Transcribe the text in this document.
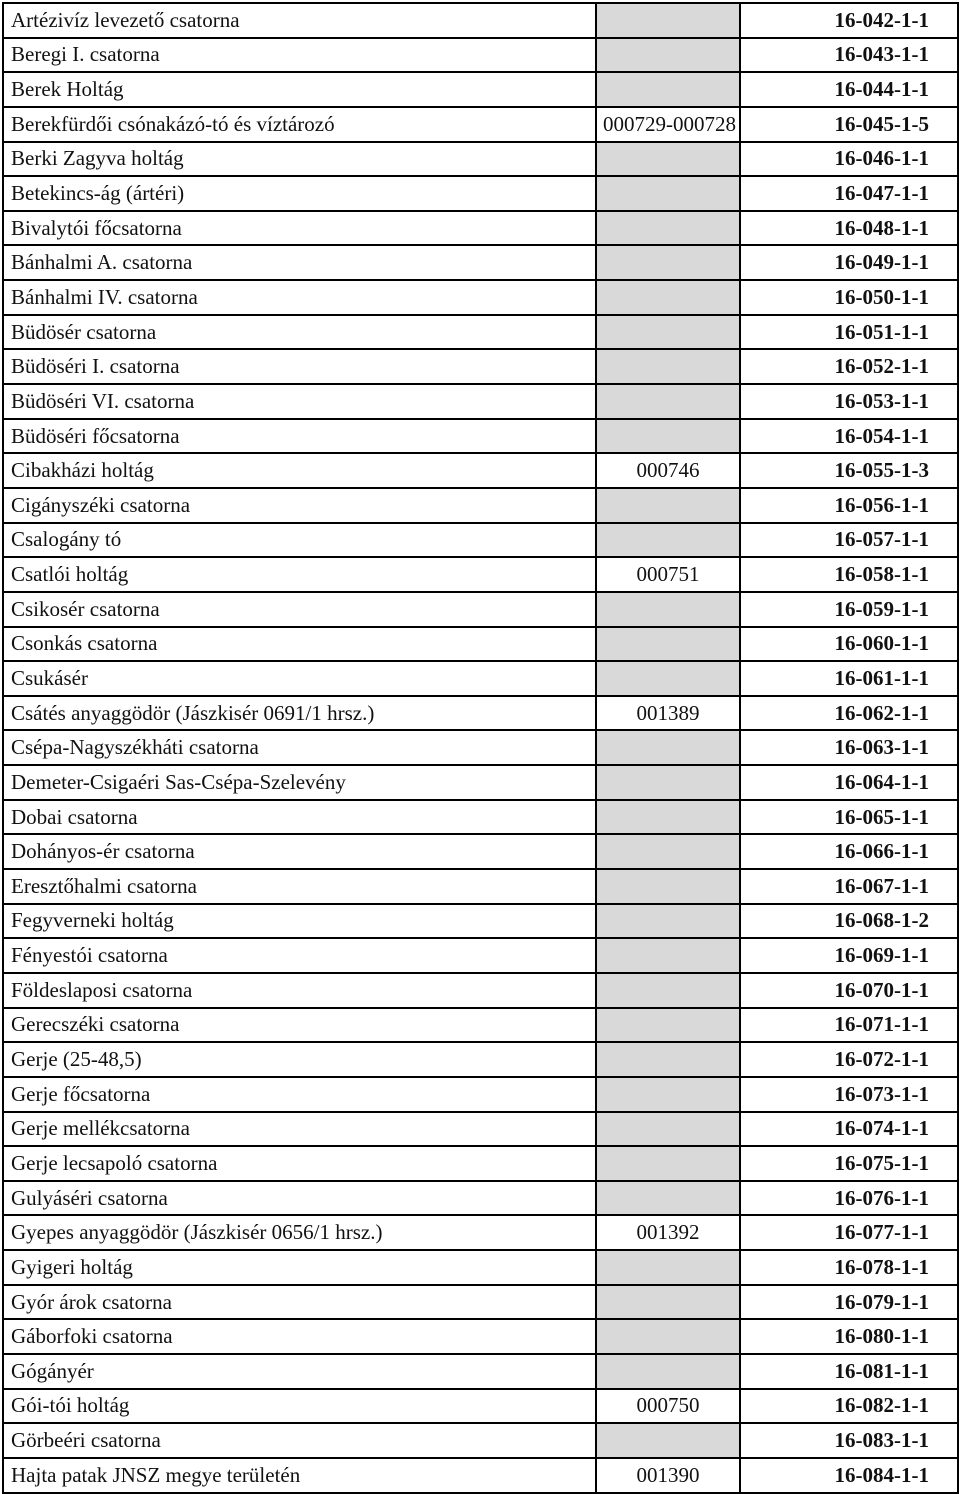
Artézivíz levezető csatorna		16-042-1-1
Beregi I. csatorna		16-043-1-1
Berek Holtág		16-044-1-1
Berekfürdői csónakázó-tó és víztározó	000729-000728	16-045-1-5
Berki Zagyva holtág		16-046-1-1
Betekincs-ág (ártéri)		16-047-1-1
Bivalytói főcsatorna		16-048-1-1
Bánhalmi A. csatorna		16-049-1-1
Bánhalmi IV. csatorna		16-050-1-1
Büdösér csatorna		16-051-1-1
Büdöséri I. csatorna		16-052-1-1
Büdöséri VI. csatorna		16-053-1-1
Büdöséri főcsatorna		16-054-1-1
Cibakházi holtág	000746	16-055-1-3
Cigányszéki csatorna		16-056-1-1
Csalogány tó		16-057-1-1
Csatlói holtág	000751	16-058-1-1
Csikosér csatorna		16-059-1-1
Csonkás csatorna		16-060-1-1
Csukásér		16-061-1-1
Csátés anyaggödör (Jászkisér 0691/1 hrsz.)	001389	16-062-1-1
Csépa-Nagyszékháti csatorna		16-063-1-1
Demeter-Csigaéri Sas-Csépa-Szelevény		16-064-1-1
Dobai csatorna		16-065-1-1
Dohányos-ér csatorna		16-066-1-1
Eresztőhalmi csatorna		16-067-1-1
Fegyverneki holtág		16-068-1-2
Fényestói csatorna		16-069-1-1
Földeslaposi csatorna		16-070-1-1
Gerecszéki csatorna		16-071-1-1
Gerje (25-48,5)		16-072-1-1
Gerje főcsatorna		16-073-1-1
Gerje mellékcsatorna		16-074-1-1
Gerje lecsapoló csatorna		16-075-1-1
Gulyáséri csatorna		16-076-1-1
Gyepes anyaggödör (Jászkisér 0656/1 hrsz.)	001392	16-077-1-1
Gyigeri holtág		16-078-1-1
Gyór árok csatorna		16-079-1-1
Gáborfoki csatorna		16-080-1-1
Gógányér		16-081-1-1
Gói-tói holtág	000750	16-082-1-1
Görbeéri csatorna		16-083-1-1
Hajta patak JNSZ megye területén	001390	16-084-1-1
